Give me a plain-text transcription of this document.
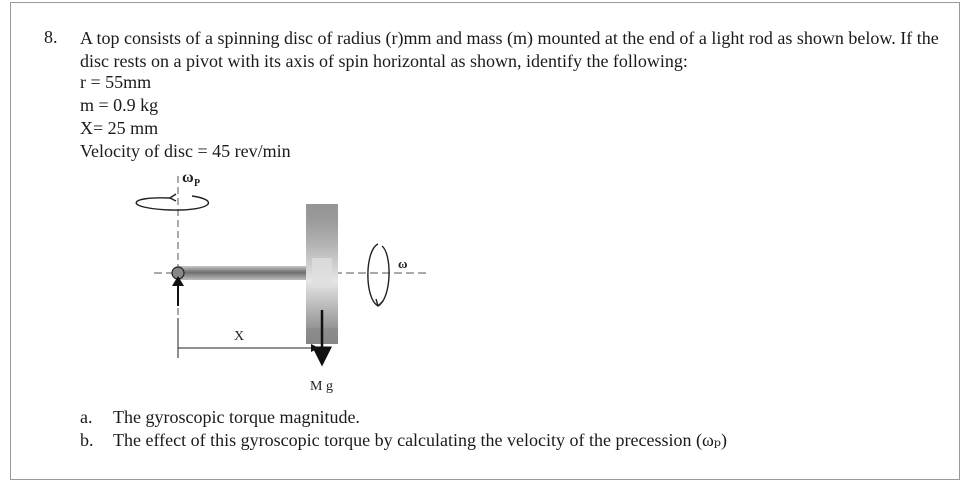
8. A top consists of a spinning disc of radius (r)mm and mass (m) mounted at the end of a light rod as shown below. If the disc rests on a pivot with its axis of spin horizontal as shown, identify the following:
r = 55mm
m = 0.9 kg
X= 25 mm
Velocity of disc = 45 rev/min
ω P
ω
X
M g
a.	The gyroscopic torque magnitude.
b.	The effect of this gyroscopic torque by calculating the velocity of the precession (ωₚ)
